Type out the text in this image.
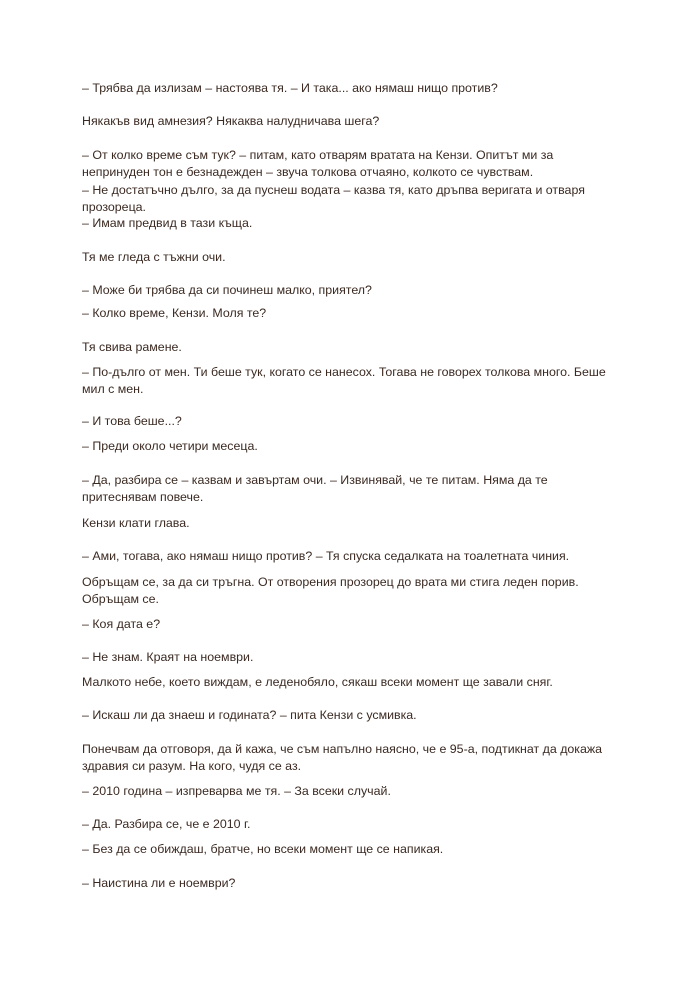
– Трябва да излизам – настоява тя. – И така... ако нямаш нищо против?
Някакъв вид амнезия? Някаква налудничава шега?
– От колко време съм тук? – питам, като отварям вратата на Кензи. Опитът ми за непринуден тон е безнадежден – звуча толкова отчаяно, колкото се чувствам.
– Не достатъчно дълго, за да пуснеш водата – казва тя, като дръпва веригата и отваря прозореца.
– Имам предвид в тази къща.
Тя ме гледа с тъжни очи.
– Може би трябва да си починеш малко, приятел?
– Колко време, Кензи. Моля те?
Тя свива рамене.
– По-дълго от мен. Ти беше тук, когато се нанесох. Тогава не говорех толкова много. Беше мил с мен.
– И това беше...?
– Преди около четири месеца.
– Да, разбира се – казвам и завъртам очи. – Извинявай, че те питам. Няма да те притеснявам повече.
Кензи клати глава.
– Ами, тогава, ако нямаш нищо против? – Тя спуска седалката на тоалетната чиния.
Обръщам се, за да си тръгна. От отворения прозорец до врата ми стига леден порив. Обръщам се.
– Коя дата е?
– Не знам. Краят на ноември.
Малкото небе, което виждам, е леденобяло, сякаш всеки момент ще завали сняг.
– Искаш ли да знаеш и годината? – пита Кензи с усмивка.
Понечвам да отговоря, да й кажа, че съм напълно наясно, че е 95-а, подтикнат да докажа здравия си разум. На кого, чудя се аз.
– 2010 година – изпреварва ме тя. – За всеки случай.
– Да. Разбира се, че е 2010 г.
– Без да се обиждаш, братче, но всеки момент ще се напикая.
– Наистина ли е ноември?
